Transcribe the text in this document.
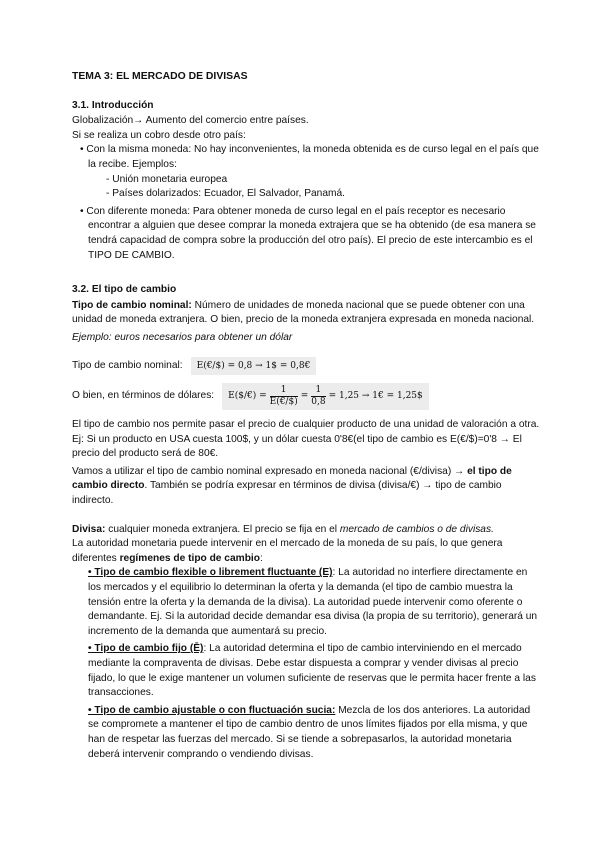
TEMA 3: EL MERCADO DE DIVISAS
3.1. Introducción

Globalización→ Aumento del comercio entre países.

Si se realiza un cobro desde otro país:

• Con la misma moneda: No hay inconvenientes, la moneda obtenida es de curso legal en el país que la recibe. Ejemplos:

- Unión monetaria europea

- Países dolarizados: Ecuador, El Salvador, Panamá.

• Con diferente moneda: Para obtener moneda de curso legal en el país receptor es necesario encontrar a alguien que desee comprar la moneda extrajera que se ha obtenido (de esa manera se tendrá capacidad de compra sobre la producción del otro país). El precio de este intercambio es el TIPO DE CAMBIO.

3.2. El tipo de cambio

Tipo de cambio nominal: Número de unidades de moneda nacional que se puede obtener con una unidad de moneda extranjera. O bien, precio de la moneda extranjera expresada en moneda nacional.

Ejemplo: euros necesarios para obtener un dólar

Tipo de cambio nominal:	E(€/$) = 0,8 → 1$ = 0,8€
O bien, en términos de dólares: E($/€) = $\frac{1}{E(€/\$)} = \frac{1}{0,8} = 1,25$ → 1€ = 1,25$

El tipo de cambio nos permite pasar el precio de cualquier producto de una unidad de valoración a otra. Ej: Si un producto en USA cuesta 100$, y un dólar cuesta 0'8€(el tipo de cambio es E(€/$)=0'8 → El precio del producto será de 80€.

Vamos a utilizar el tipo de cambio nominal expresado en moneda nacional (€/divisa) → el tipo de cambio directo. También se podría expresar en términos de divisa (divisa/€) → tipo de cambio indirecto.

Divisa: cualquier moneda extranjera. El precio se fija en el mercado de cambios o de divisas.

La autoridad monetaria puede intervenir en el mercado de la moneda de su país, lo que genera diferentes regímenes de tipo de cambio:

• Tipo de cambio flexible o librement fluctuante (E): La autoridad no interfiere directamente en los mercados y el equilibrio lo determinan la oferta y la demanda (el tipo de cambio muestra la tensión entre la oferta y la demanda de la divisa). La autoridad puede intervenir como oferente o demandante. Ej. Si la autoridad decide demandar esa divisa (la propia de su territorio), generará un incremento de la demanda que aumentará su precio.

• Tipo de cambio fijo (Ē): La autoridad determina el tipo de cambio interviniendo en el mercado mediante la compraventa de divisas. Debe estar dispuesta a comprar y vender divisas al precio fijado, lo que le exige mantener un volumen suficiente de reservas que le permita hacer frente a las transacciones.

• Tipo de cambio ajustable o con fluctuación sucia: Mezcla de los dos anteriores. La autoridad se compromete a mantener el tipo de cambio dentro de unos límites fijados por ella misma, y que han de respetar las fuerzas del mercado. Si se tiende a sobrepasarlos, la autoridad monetaria deberá intervenir comprando o vendiendo divisas.
